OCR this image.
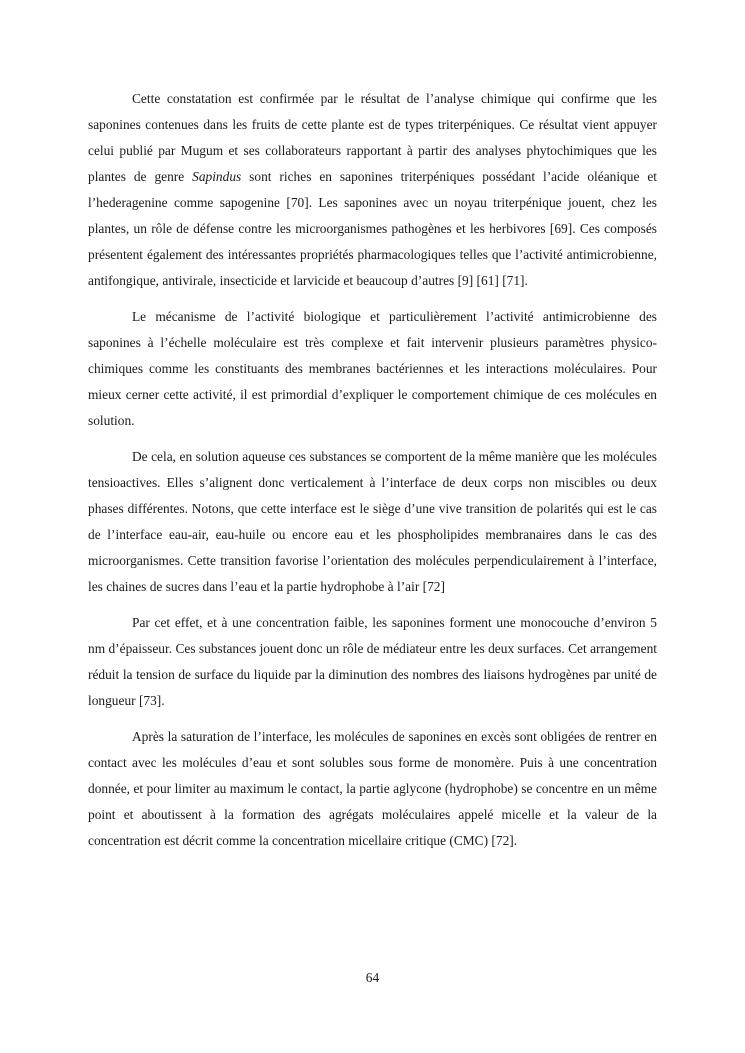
Cette constatation est confirmée par le résultat de l’analyse chimique qui confirme que les saponines contenues dans les fruits de cette plante est de types triterpéniques. Ce résultat vient appuyer celui publié par Mugum et ses collaborateurs rapportant à partir des analyses phytochimiques que les plantes de genre Sapindus sont riches en saponines triterpéniques possédant l’acide oléanique et l’hederagenine comme sapogenine [70]. Les saponines avec un noyau triterpénique jouent, chez les plantes, un rôle de défense contre les microorganismes pathogènes et les herbivores [69]. Ces composés présentent également des intéressantes propriétés pharmacologiques telles que l’activité antimicrobienne, antifongique, antivirale, insecticide et larvicide et beaucoup d’autres [9] [61] [71].

Le mécanisme de l’activité biologique et particulièrement l’activité antimicrobienne des saponines à l’échelle moléculaire est très complexe et fait intervenir plusieurs paramètres physico-chimiques comme les constituants des membranes bactériennes et les interactions moléculaires. Pour mieux cerner cette activité, il est primordial d’expliquer le comportement chimique de ces molécules en solution.

De cela, en solution aqueuse ces substances se comportent de la même manière que les molécules tensioactives. Elles s’alignent donc verticalement à l’interface de deux corps non miscibles ou deux phases différentes. Notons, que cette interface est le siège d’une vive transition de polarités qui est le cas de l’interface eau-air, eau-huile ou encore eau et les phospholipides membranaires dans le cas des microorganismes. Cette transition favorise l’orientation des molécules perpendiculairement à l’interface, les chaines de sucres dans l’eau et la partie hydrophobe à l’air [72]

Par cet effet, et à une concentration faible, les saponines forment une monocouche d’environ 5 nm d’épaisseur. Ces substances jouent donc un rôle de médiateur entre les deux surfaces. Cet arrangement réduit la tension de surface du liquide par la diminution des nombres des liaisons hydrogènes par unité de longueur [73].

Après la saturation de l’interface, les molécules de saponines en excès sont obligées de rentrer en contact avec les molécules d’eau et sont solubles sous forme de monomère. Puis à une concentration donnée, et pour limiter au maximum le contact, la partie aglycone (hydrophobe) se concentre en un même point et aboutissent à la formation des agrégats moléculaires appelé micelle et la valeur de la concentration est décrit comme la concentration micellaire critique (CMC) [72].

64
